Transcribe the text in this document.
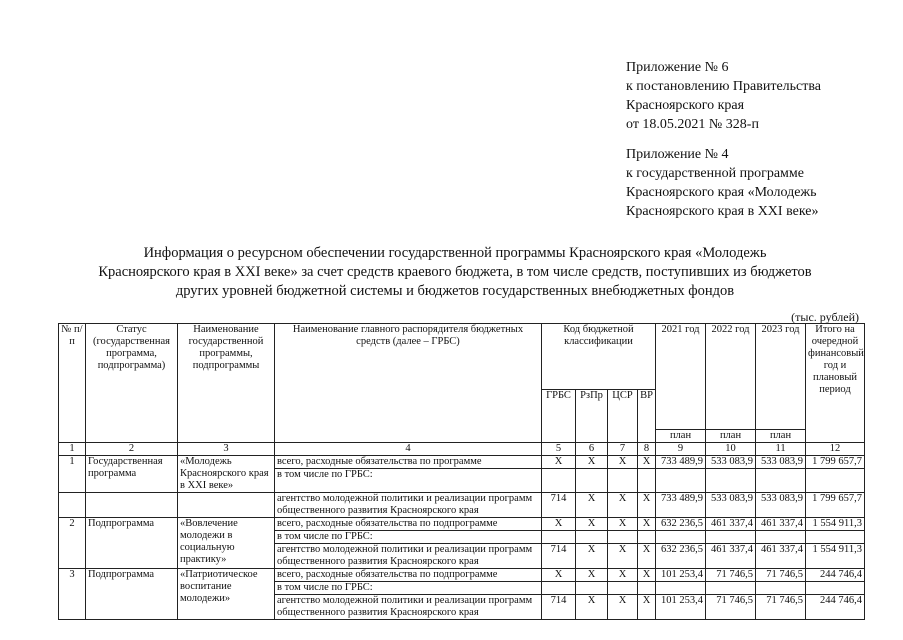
Приложение № 6
к постановлению Правительства
Красноярского края
от 18.05.2021 № 328-п
Приложение № 4
к государственной программе
Красноярского края «Молодежь
Красноярского края в XXI веке»
Информация о ресурсном обеспечении государственной программы Красноярского края «Молодежь
Красноярского края в XXI веке» за счет средств краевого бюджета, в том числе средств, поступивших из бюджетов
других уровней бюджетной системы и бюджетов государственных внебюджетных фондов
(тыс. рублей)
№ п/п	Статус (государственная программа, подпрограмма)	Наименование государственной программы, подпрограммы	Наименование главного распорядителя бюджетных средств (далее – ГРБС)	Код бюджетной классификации				2021 год	2022 год	2023 год	Итого на очередной финансовый год и плановый период
				ГРБС	РзПр	ЦСР	ВР				
								план	план	план	
1	2	3	4	5	6	7	8	9	10	11	12
1	Государственная программа	«Молодежь Красноярского края в XXI веке»	всего, расходные обязательства по программе	X	X	X	X	733 489,9	533 083,9	533 083,9	1 799 657,7
			в том числе по ГРБС:								
			агентство молодежной политики и реализации программ общественного развития Красноярского края	714	X	X	X	733 489,9	533 083,9	533 083,9	1 799 657,7
2	Подпрограмма	«Вовлечение молодежи в социальную практику»	всего, расходные обязательства по подпрограмме	X	X	X	X	632 236,5	461 337,4	461 337,4	1 554 911,3
			в том числе по ГРБС:								
			агентство молодежной политики и реализации программ общественного развития Красноярского края	714	X	X	X	632 236,5	461 337,4	461 337,4	1 554 911,3
3	Подпрограмма	«Патриотическое воспитание молодежи»	всего, расходные обязательства по подпрограмме	X	X	X	X	101 253,4	71 746,5	71 746,5	244 746,4
			в том числе по ГРБС:								
			агентство молодежной политики и реализации программ общественного развития Красноярского края	714	X	X	X	101 253,4	71 746,5	71 746,5	244 746,4
